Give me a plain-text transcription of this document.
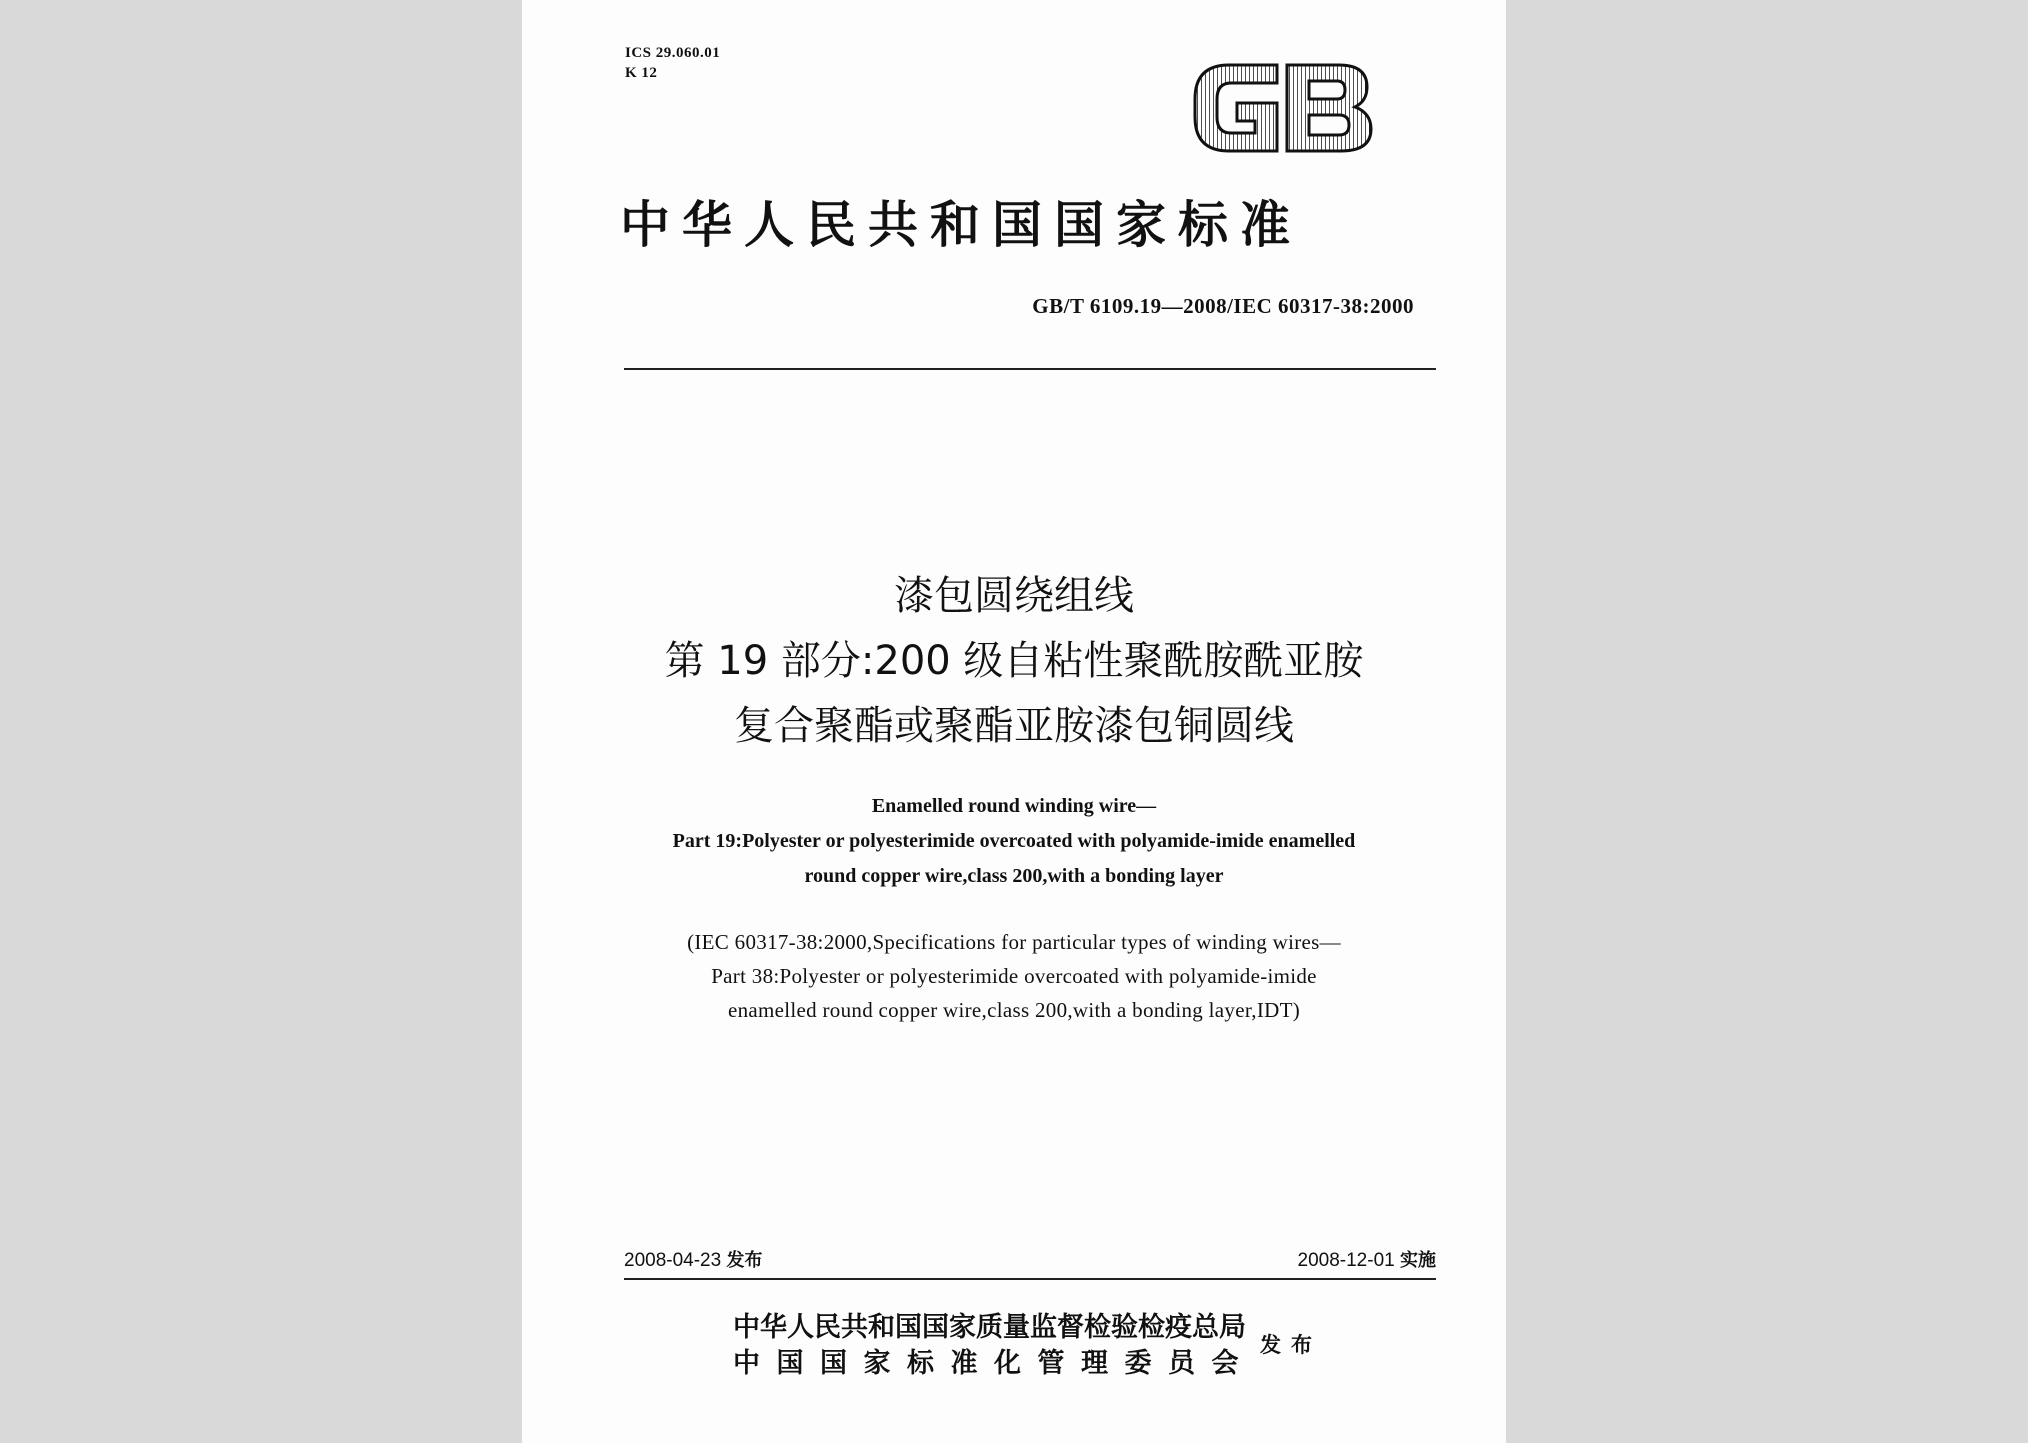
ICS 29.060.01
K 12
中华人民共和国国家标准
GB/T 6109.19—2008/IEC 60317-38:2000
漆包圆绕组线
第 19 部分:200 级自粘性聚酰胺酰亚胺
复合聚酯或聚酯亚胺漆包铜圆线
Enamelled round winding wire—
Part 19:Polyester or polyesterimide overcoated with polyamide-imide enamelled
round copper wire,class 200,with a bonding layer
(IEC 60317-38:2000,Specifications for particular types of winding wires—
Part 38:Polyester or polyesterimide overcoated with polyamide-imide
enamelled round copper wire,class 200,with a bonding layer,IDT)
2008-04-23 发布	2008-12-01 实施
中华人民共和国国家质量监督检验检疫总局
中国国家标准化管理委员会
发布
